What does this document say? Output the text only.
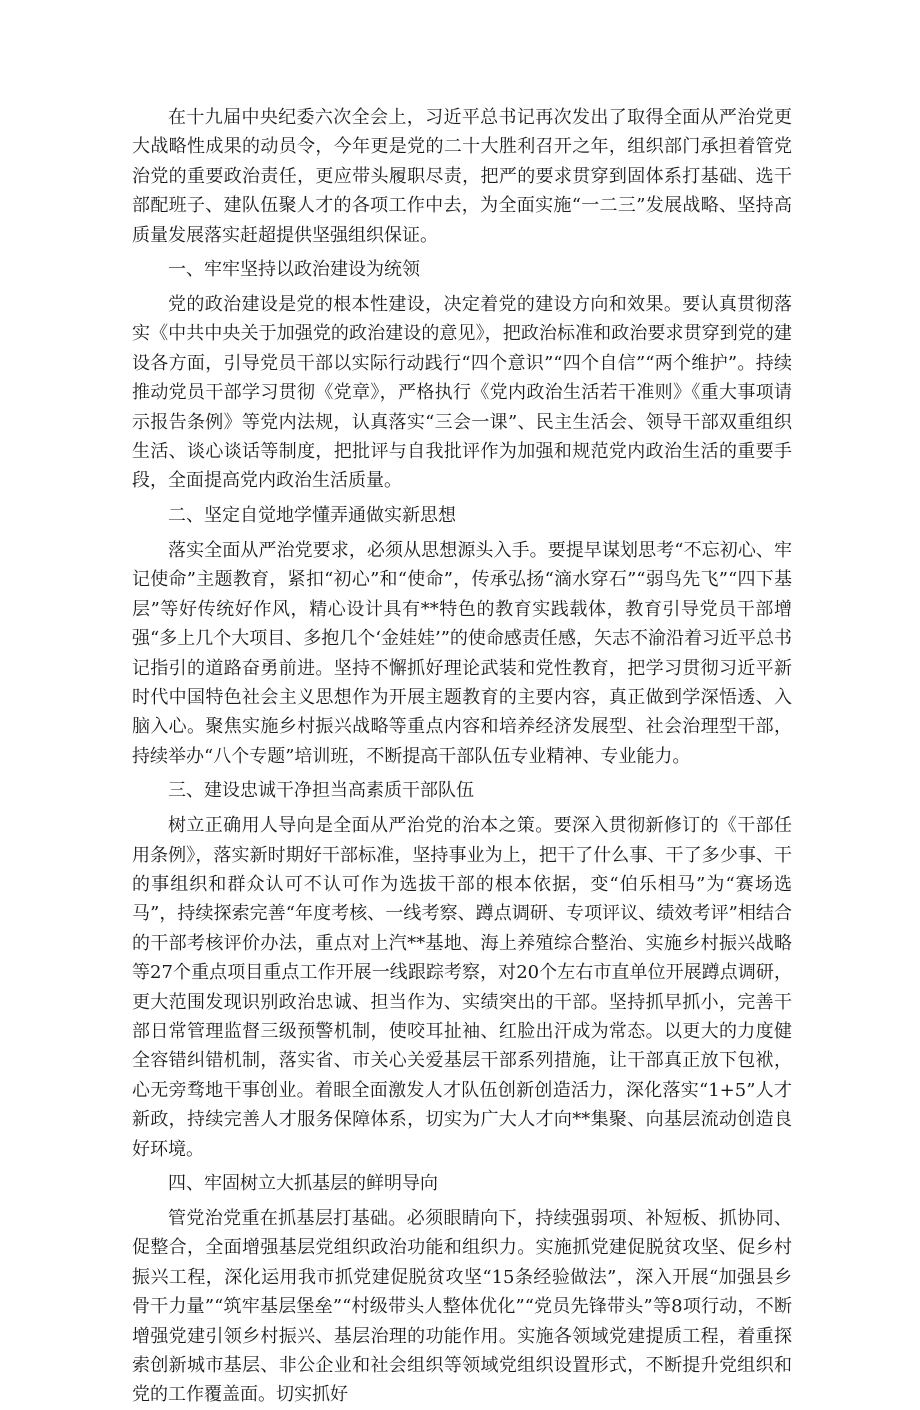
在十九届中央纪委六次全会上，习近平总书记再次发出了取得全面从严治党更大战略性成果的动员令，今年更是党的二十大胜利召开之年，组织部门承担着管党治党的重要政治责任，更应带头履职尽责，把严的要求贯穿到固体系打基础、选干部配班子、建队伍聚人才的各项工作中去，为全面实施“一二三”发展战略、坚持高质量发展落实赶超提供坚强组织保证。

一、牢牢坚持以政治建设为统领

党的政治建设是党的根本性建设，决定着党的建设方向和效果。要认真贯彻落实《中共中央关于加强党的政治建设的意见》，把政治标准和政治要求贯穿到党的建设各方面，引导党员干部以实际行动践行“四个意识”“四个自信”“两个维护”。持续推动党员干部学习贯彻《党章》，严格执行《党内政治生活若干准则》《重大事项请示报告条例》等党内法规，认真落实“三会一课”、民主生活会、领导干部双重组织生活、谈心谈话等制度，把批评与自我批评作为加强和规范党内政治生活的重要手段，全面提高党内政治生活质量。

二、坚定自觉地学懂弄通做实新思想

落实全面从严治党要求，必须从思想源头入手。要提早谋划思考“不忘初心、牢记使命”主题教育，紧扣“初心”和“使命”，传承弘扬“滴水穿石”“弱鸟先飞”“四下基层”等好传统好作风，精心设计具有**特色的教育实践载体，教育引导党员干部增强“多上几个大项目、多抱几个‘金娃娃’”的使命感责任感，矢志不渝沿着习近平总书记指引的道路奋勇前进。坚持不懈抓好理论武装和党性教育，把学习贯彻习近平新时代中国特色社会主义思想作为开展主题教育的主要内容，真正做到学深悟透、入脑入心。聚焦实施乡村振兴战略等重点内容和培养经济发展型、社会治理型干部，持续举办“八个专题”培训班，不断提高干部队伍专业精神、专业能力。

三、建设忠诚干净担当高素质干部队伍

树立正确用人导向是全面从严治党的治本之策。要深入贯彻新修订的《干部任用条例》，落实新时期好干部标准，坚持事业为上，把干了什么事、干了多少事、干的事组织和群众认可不认可作为选拔干部的根本依据，变“伯乐相马”为“赛场选马”，持续探索完善“年度考核、一线考察、蹲点调研、专项评议、绩效考评”相结合的干部考核评价办法，重点对上汽**基地、海上养殖综合整治、实施乡村振兴战略等27个重点项目重点工作开展一线跟踪考察，对20个左右市直单位开展蹲点调研，更大范围发现识别政治忠诚、担当作为、实绩突出的干部。坚持抓早抓小，完善干部日常管理监督三级预警机制，使咬耳扯袖、红脸出汗成为常态。以更大的力度健全容错纠错机制，落实省、市关心关爱基层干部系列措施，让干部真正放下包袱，心无旁骛地干事创业。着眼全面激发人才队伍创新创造活力，深化落实“1+5”人才新政，持续完善人才服务保障体系，切实为广大人才向**集聚、向基层流动创造良好环境。

四、牢固树立大抓基层的鲜明导向

管党治党重在抓基层打基础。必须眼睛向下，持续强弱项、补短板、抓协同、促整合，全面增强基层党组织政治功能和组织力。实施抓党建促脱贫攻坚、促乡村振兴工程，深化运用我市抓党建促脱贫攻坚“15条经验做法”，深入开展“加强县乡骨干力量”“筑牢基层堡垒”“村级带头人整体优化”“党员先锋带头”等8项行动，不断增强党建引领乡村振兴、基层治理的功能作用。实施各领域党建提质工程，着重探索创新城市基层、非公企业和社会组织等领域党组织设置形式，不断提升党组织和党的工作覆盖面。切实抓好
